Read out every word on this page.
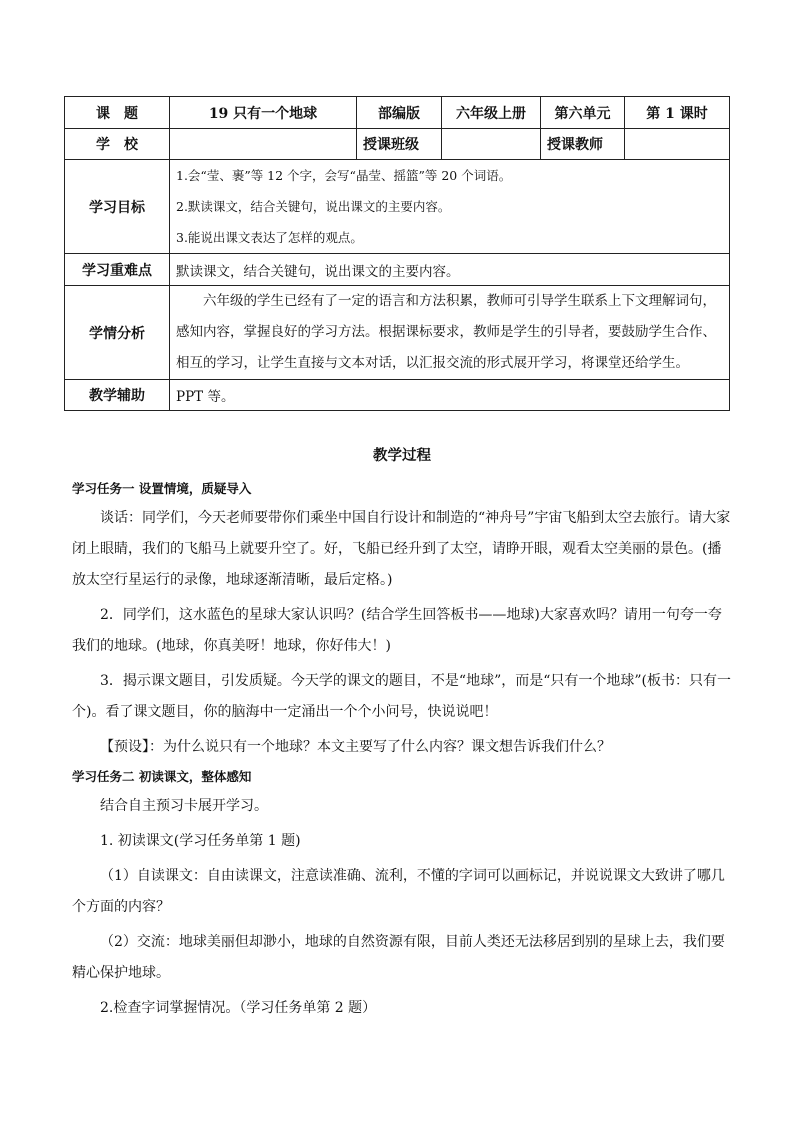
课　题	19 只有一个地球	部编版	六年级上册	第六单元	第 1 课时
学　校		授课班级		授课教师	
学习目标	1.会“莹、裹”等 12 个字，会写“晶莹、摇篮”等 20 个词语。
2.默读课文，结合关键句，说出课文的主要内容。
3.能说出课文表达了怎样的观点。				

学习重难点	默读课文，结合关键句，说出课文的主要内容。				
学情分析	六年级的学生已经有了一定的语言和方法积累，教师可引导学生联系上下文理解词句，感知内容，掌握良好的学习方法。根据课标要求，教师是学生的引导者，要鼓励学生合作、相互的学习，让学生直接与文本对话，以汇报交流的形式展开学习，将课堂还给学生。				

教学辅助	PPT 等。				
教学过程
学习任务一 设置情境，质疑导入

谈话：同学们，今天老师要带你们乘坐中国自行设计和制造的“神舟号”宇宙飞船到太空去旅行。请大家闭上眼睛，我们的飞船马上就要升空了。好，飞船已经升到了太空，请睁开眼，观看太空美丽的景色。(播放太空行星运行的录像，地球逐渐清晰，最后定格。)

2．同学们，这水蓝色的星球大家认识吗？(结合学生回答板书——地球)大家喜欢吗？请用一句夸一夸我们的地球。(地球，你真美呀！地球，你好伟大！)

3．揭示课文题目，引发质疑。今天学的课文的题目，不是“地球”，而是“只有一个地球”(板书：只有一个)。看了课文题目，你的脑海中一定涌出一个个小问号，快说说吧！

【预设】：为什么说只有一个地球？本文主要写了什么内容？课文想告诉我们什么？

学习任务二 初读课文，整体感知

结合自主预习卡展开学习。

1. 初读课文(学习任务单第 1 题)

（1）自读课文：自由读课文，注意读准确、流利，不懂的字词可以画标记，并说说课文大致讲了哪几个方面的内容？

（2）交流：地球美丽但却渺小，地球的自然资源有限，目前人类还无法移居到别的星球上去，我们要精心保护地球。

2.检查字词掌握情况。（学习任务单第 2 题）
